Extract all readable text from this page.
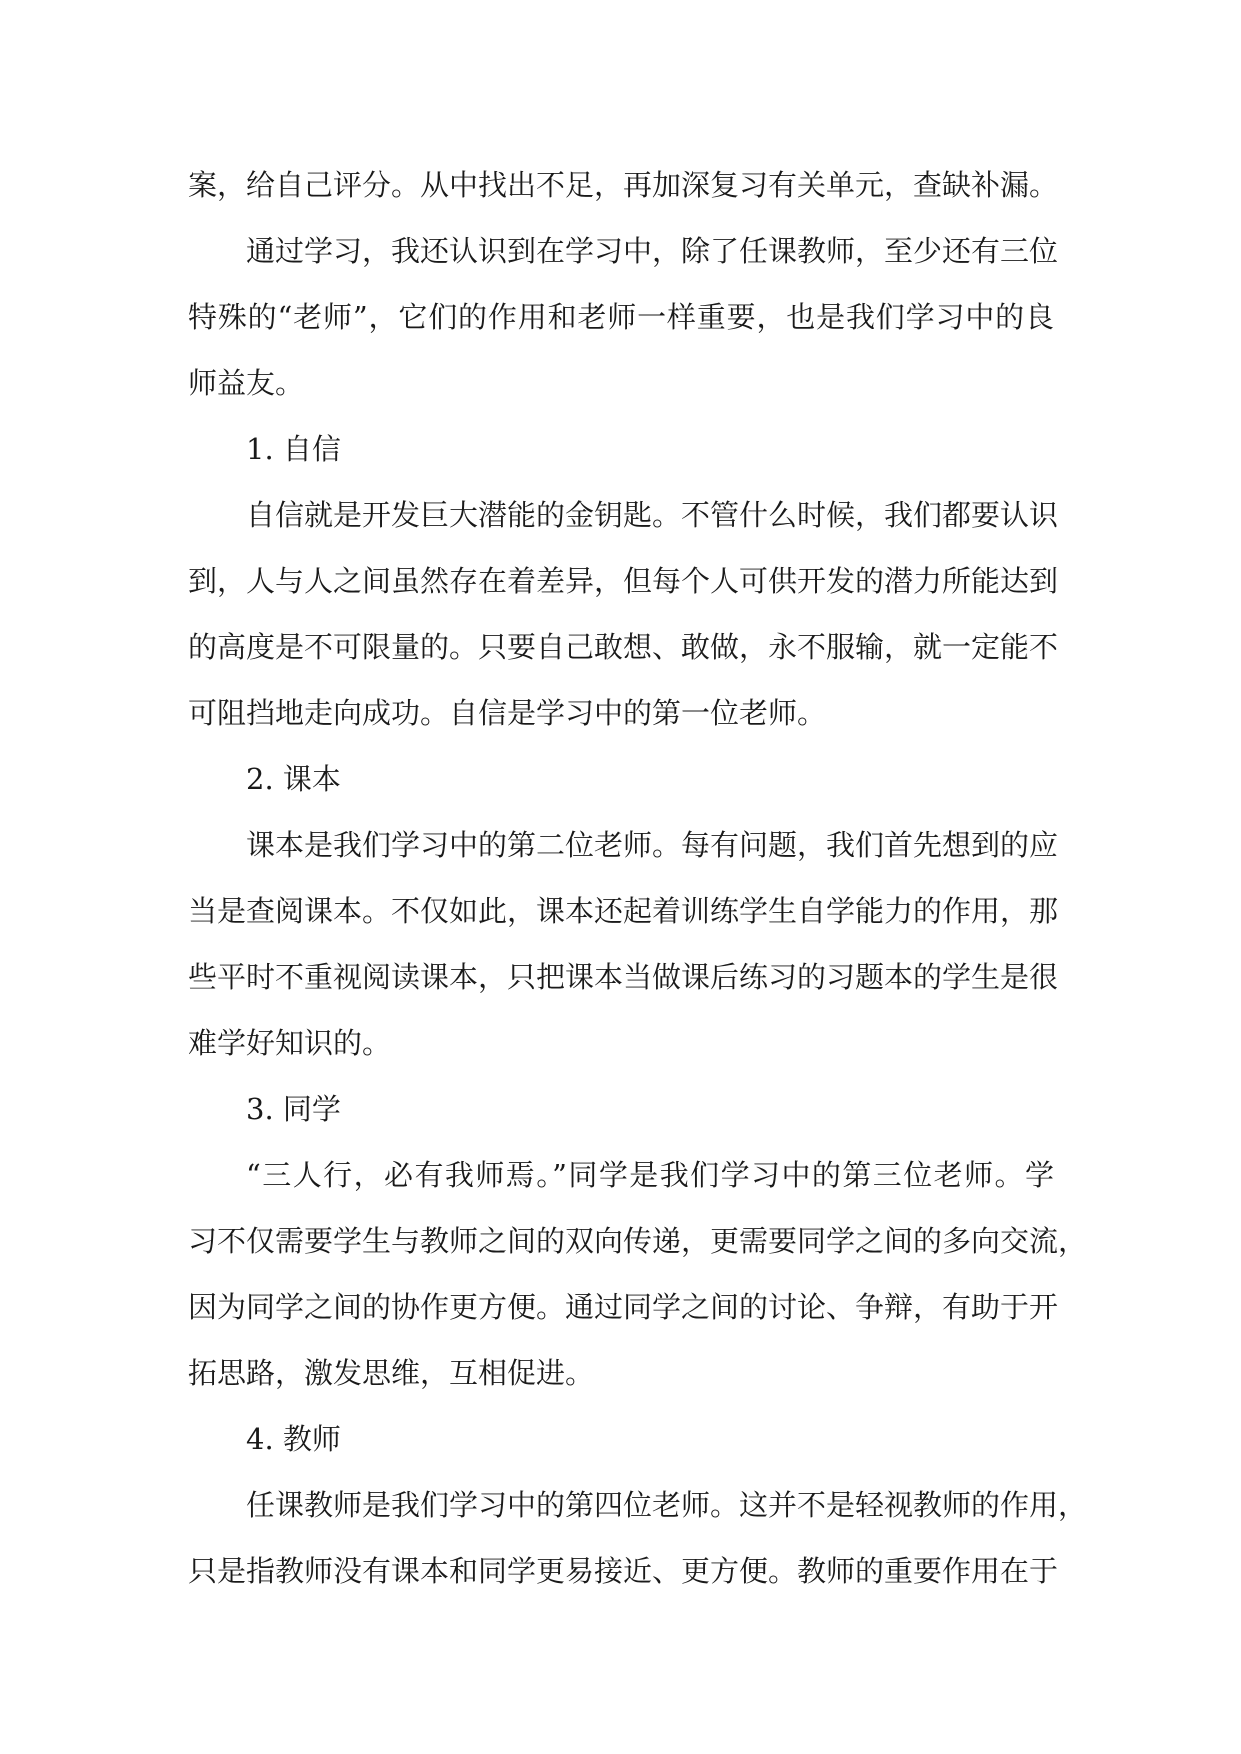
案，给自己评分。从中找出不足，再加深复习有关单元，查缺补漏。
通过学习，我还认识到在学习中，除了任课教师，至少还有三位
特殊的“老师”，它们的作用和老师一样重要，也是我们学习中的良
师益友。
1. 自信
自信就是开发巨大潜能的金钥匙。不管什么时候，我们都要认识
到，人与人之间虽然存在着差异，但每个人可供开发的潜力所能达到
的高度是不可限量的。只要自己敢想、敢做，永不服输，就一定能不
可阻挡地走向成功。自信是学习中的第一位老师。
2. 课本
课本是我们学习中的第二位老师。每有问题，我们首先想到的应
当是查阅课本。不仅如此，课本还起着训练学生自学能力的作用，那
些平时不重视阅读课本，只把课本当做课后练习的习题本的学生是很
难学好知识的。
3. 同学
“三人行，必有我师焉。”同学是我们学习中的第三位老师。学
习不仅需要学生与教师之间的双向传递，更需要同学之间的多向交流，
因为同学之间的协作更方便。通过同学之间的讨论、争辩，有助于开
拓思路，激发思维，互相促进。
4. 教师
任课教师是我们学习中的第四位老师。这并不是轻视教师的作用，
只是指教师没有课本和同学更易接近、更方便。教师的重要作用在于
